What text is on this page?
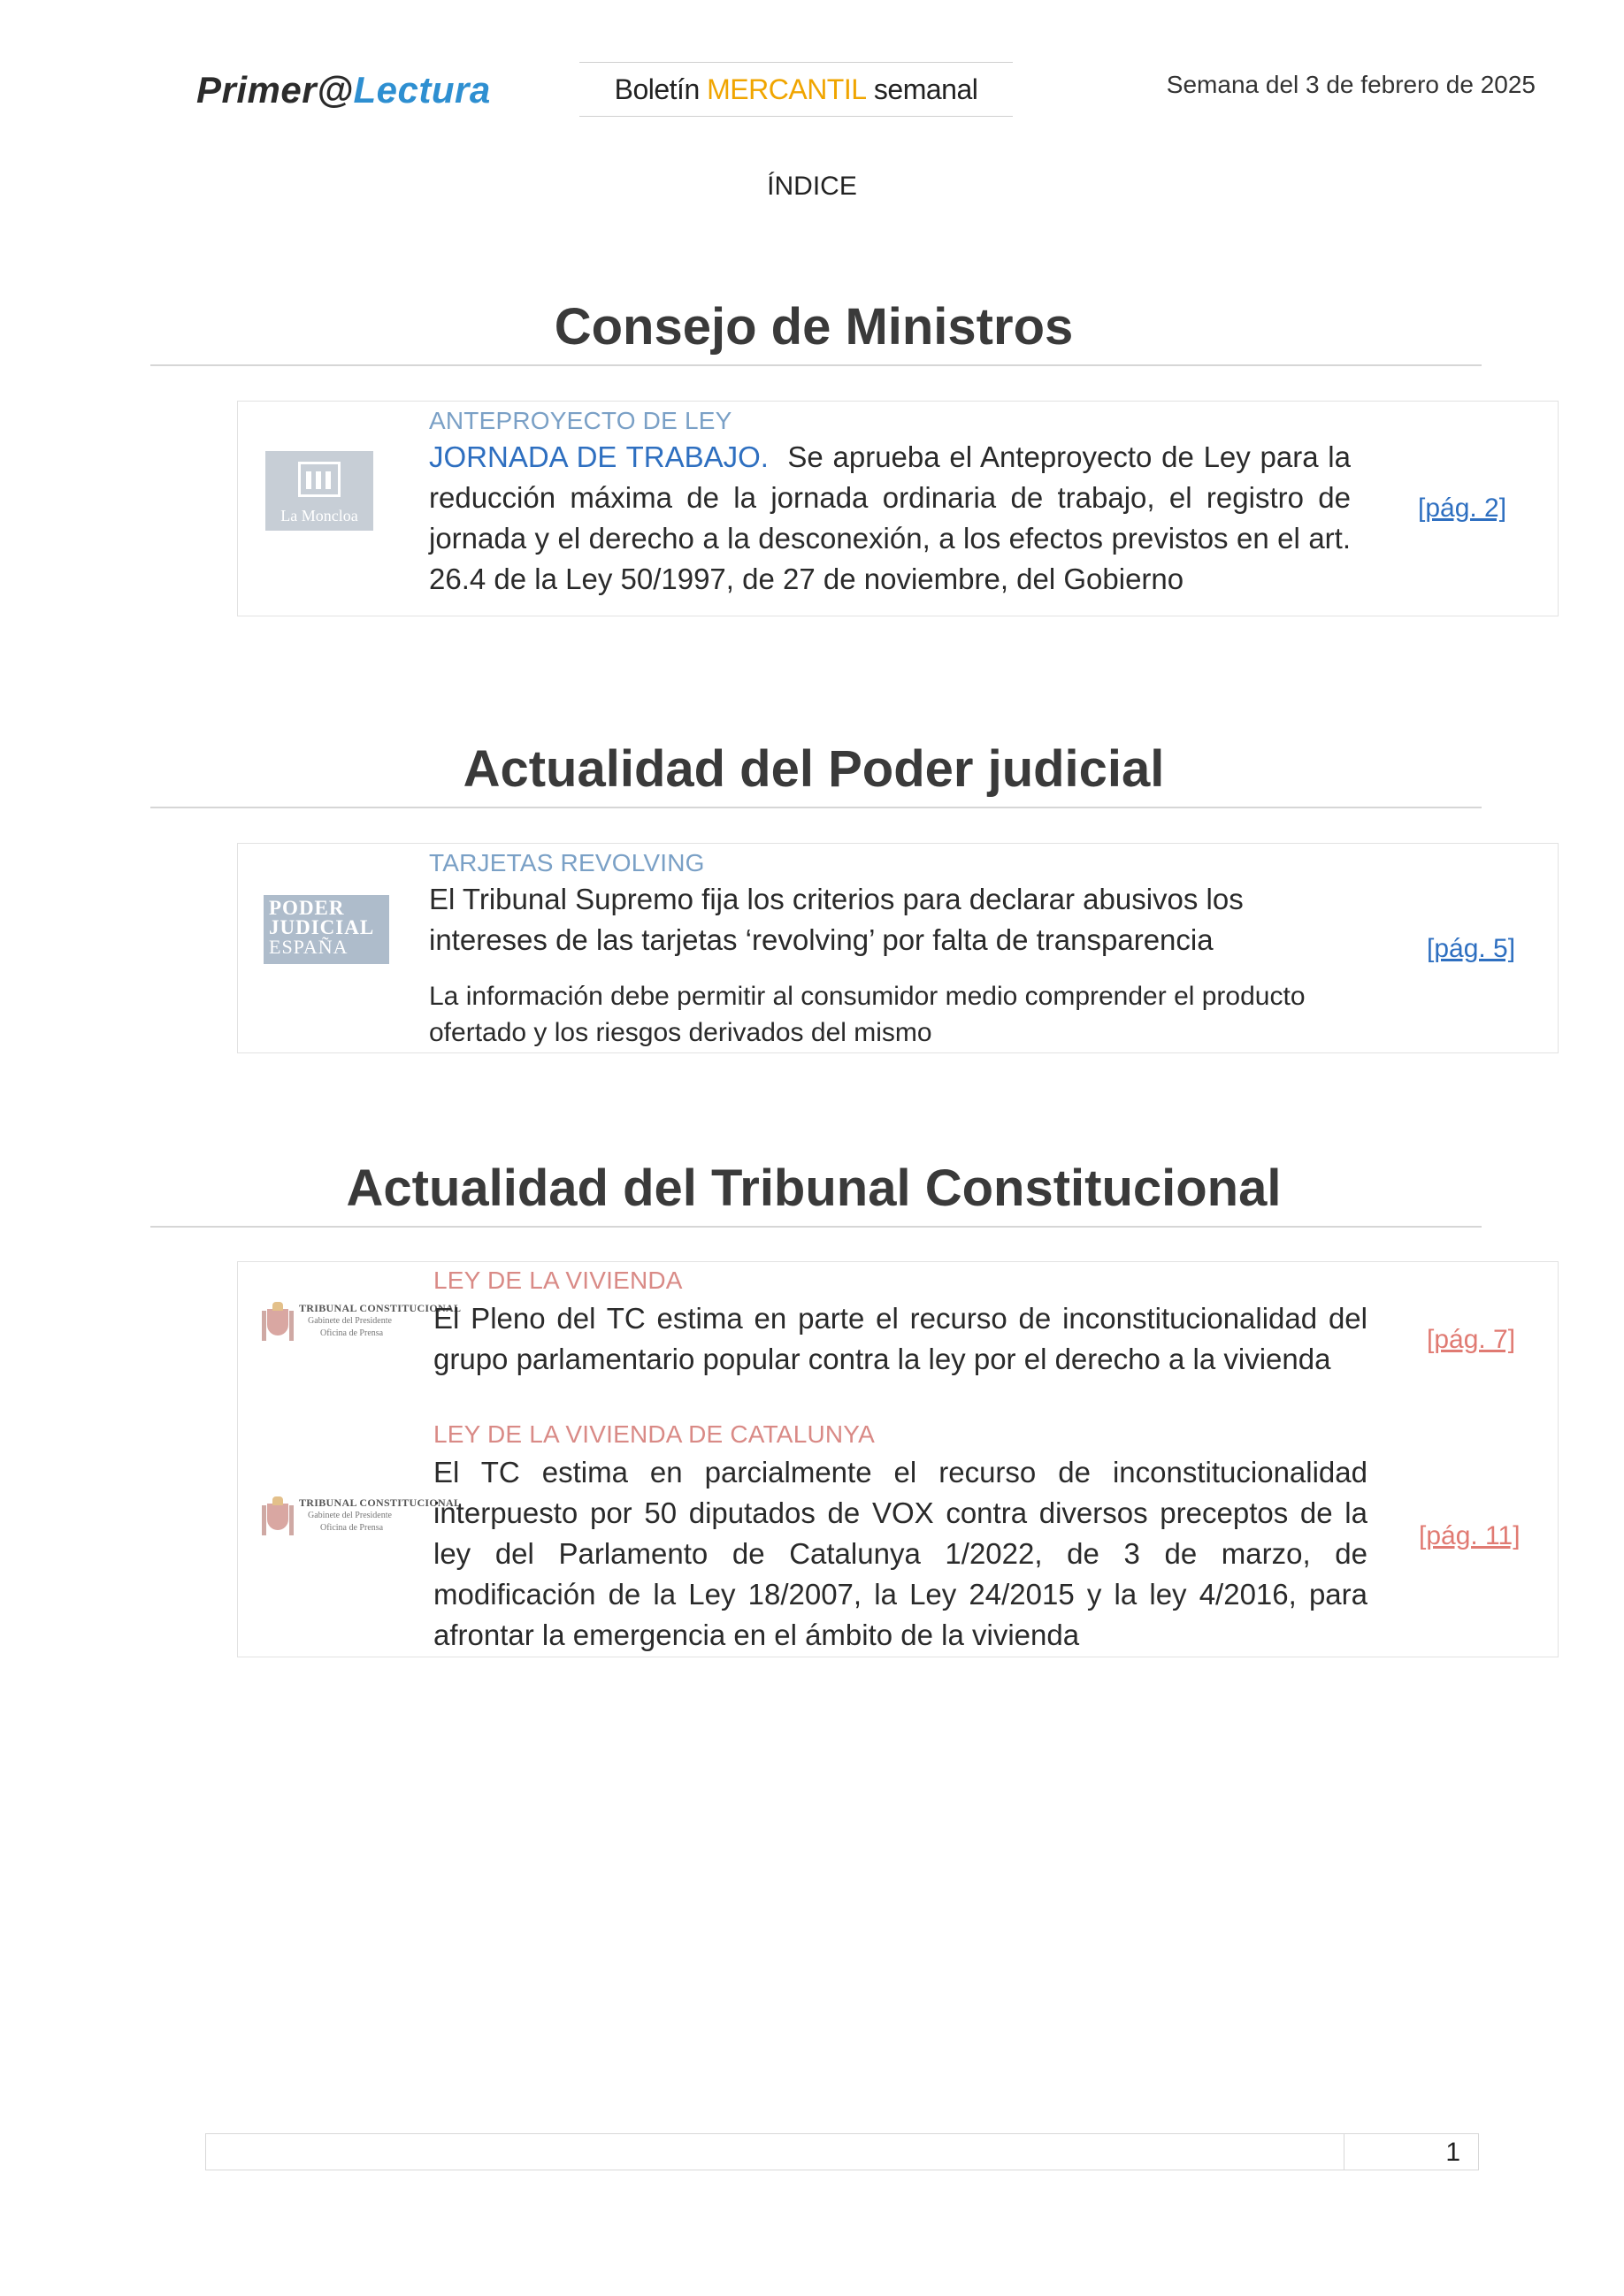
Primer@Lectura	Boletín MERCANTIL semanal	Semana del 3 de febrero de 2025
ÍNDICE
Consejo de Ministros
La Moncloa
ANTEPROYECTO DE LEY
JORNADA DE TRABAJO. Se aprueba el Anteproyecto de Ley para la reducción máxima de la jornada ordinaria de trabajo, el registro de jornada y el derecho a la desconexión, a los efectos previstos en el art. 26.4 de la Ley 50/1997, de 27 de noviembre, del Gobierno
[pág. 2]
Actualidad del Poder judicial
PODER
JUDICIAL
ESPAÑA
TARJETAS REVOLVING
El Tribunal Supremo fija los criterios para declarar abusivos los intereses de las tarjetas ‘revolving’ por falta de transparencia
La información debe permitir al consumidor medio comprender el producto ofertado y los riesgos derivados del mismo
[pág. 5]
Actualidad del Tribunal Constitucional
TRIBUNAL CONSTITUCIONAL
Gabinete del Presidente
Oficina de Prensa
LEY DE LA VIVIENDA
El Pleno del TC estima en parte el recurso de inconstitucionalidad del grupo parlamentario popular contra la ley por el derecho a la vivienda
[pág. 7]
TRIBUNAL CONSTITUCIONAL
Gabinete del Presidente
Oficina de Prensa
LEY DE LA VIVIENDA DE CATALUNYA
El TC estima en parcialmente el recurso de inconstitucionalidad interpuesto por 50 diputados de VOX contra diversos preceptos de la ley del Parlamento de Catalunya 1/2022, de 3 de marzo, de modificación de la Ley 18/2007, la Ley 24/2015 y la ley 4/2016, para afrontar la emergencia en el ámbito de la vivienda
[pág. 11]
1
